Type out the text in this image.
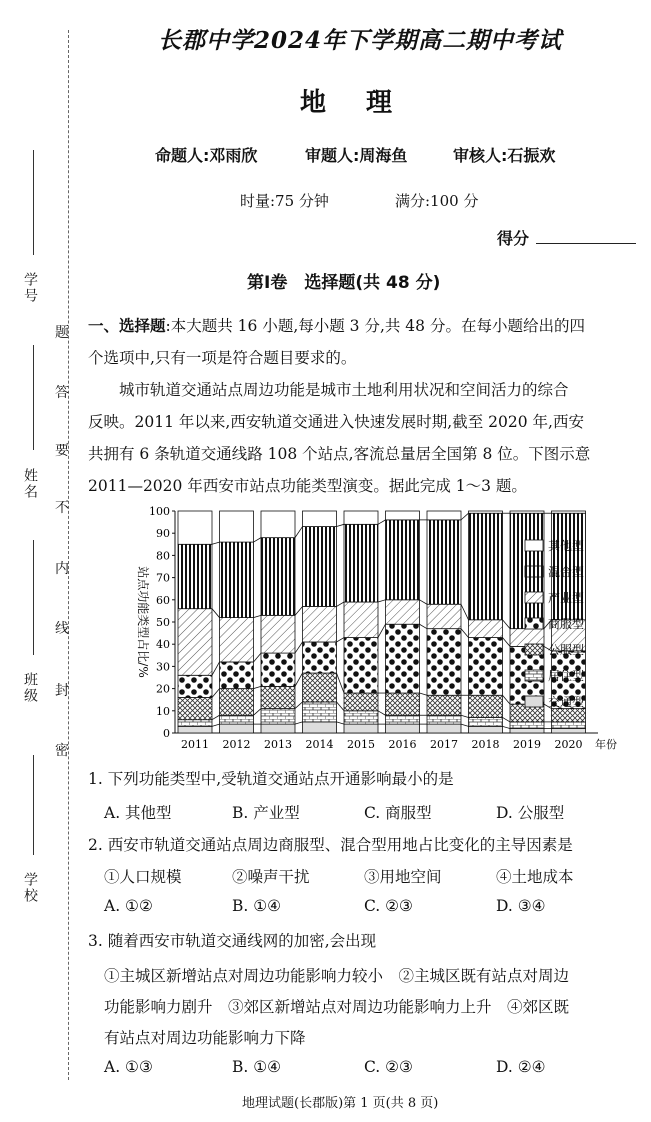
学号
姓名
班级
学校
题
答
要
不
内
线
封
密
长郡中学2024年下学期高二期中考试
地理
命题人:邓雨欣	审题人:周海鱼	审核人:石振欢
时量:75 分钟	满分:100 分
得分
第Ⅰ卷　选择题(共 48 分)
一、选择题:本大题共 16 小题,每小题 3 分,共 48 分。在每小题给出的四
个选项中,只有一项是符合题目要求的。
城市轨道交通站点周边功能是城市土地利用状况和空间活力的综合
反映。2011 年以来,西安轨道交通进入快速发展时期,截至 2020 年,西安
共拥有 6 条轨道交通线路 108 个站点,客流总量居全国第 8 位。下图示意
2011—2020 年西安市站点功能类型演变。据此完成 1～3 题。
0
10
20
30
40
50
60
70
80
90
100
站点功能类型占比/%
2011 2012 2013 2014 2015 2016 2017 2018 2019 2020 年份
其他型
混合型
产业型
商服型
公服型
居住型
交通型
1. 下列功能类型中,受轨道交通站点开通影响最小的是
A. 其他型	B. 产业型	C. 商服型	D. 公服型
2. 西安市轨道交通站点周边商服型、混合型用地占比变化的主导因素是
①人口规模	②噪声干扰	③用地空间	④土地成本
A. ①②	B. ①④	C. ②③	D. ③④
3. 随着西安市轨道交通线网的加密,会出现
①主城区新增站点对周边功能影响力较小　②主城区既有站点对周边
功能影响力剧升　③郊区新增站点对周边功能影响力上升　④郊区既
有站点对周边功能影响力下降
A. ①③	B. ①④	C. ②③	D. ②④
地理试题(长郡版)第 1 页(共 8 页)
